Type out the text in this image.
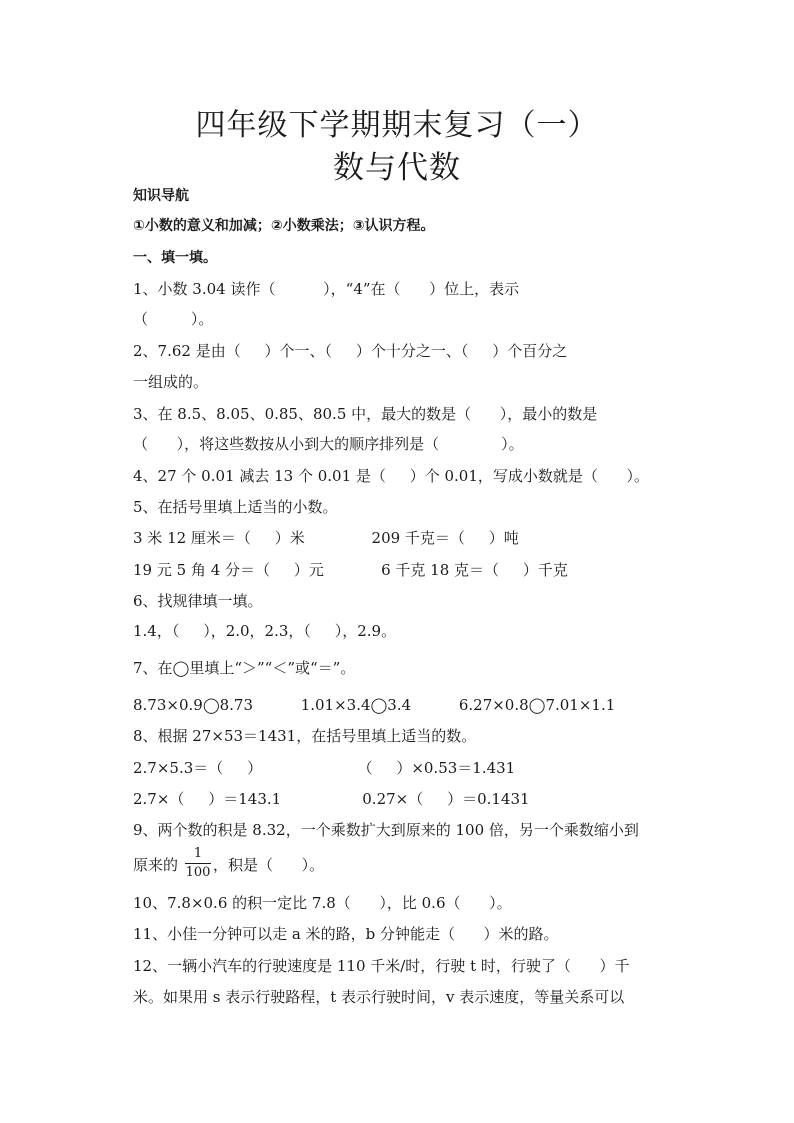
四年级下学期期末复习（一）
数与代数
知识导航
①小数的意义和加减；②小数乘法；③认识方程。
一、填一填。
1、小数 3.04 读作（          ），“4”在（      ）位上，表示
（         ）。
2、7.62 是由（     ）个一、（     ）个十分之一、（     ）个百分之
一组成的。
3、在 8.5、8.05、0.85、80.5 中，最大的数是（      ），最小的数是
（      ），将这些数按从小到大的顺序排列是（             ）。
4、27 个 0.01 减去 13 个 0.01 是（     ）个 0.01，写成小数就是（      ）。
5、在括号里填上适当的小数。
3 米 12 厘米＝（     ）米              209 千克＝（     ）吨
19 元 5 角 4 分＝（     ）元            6 千克 18 克＝（     ）千克
6、找规律填一填。
1.4，（     ），2.0，2.3，（     ），2.9。
7、在◯里填上“＞”“＜”或“＝”。
8.73×0.9◯8.73          1.01×3.4◯3.4          6.27×0.8◯7.01×1.1
8、根据 27×53＝1431，在括号里填上适当的数。
2.7×5.3＝（     ）                    （     ）×0.53＝1.431
2.7×（     ）＝143.1                 0.27×（     ）＝0.1431
9、两个数的积是 8.32，一个乘数扩大到原来的 100 倍，另一个乘数缩小到
原来的
1
100 ，积是（      ）。
10、7.8×0.6 的积一定比 7.8（      ），比 0.6（      ）。
11、小佳一分钟可以走 a 米的路，b 分钟能走（      ）米的路。
12、一辆小汽车的行驶速度是 110 千米/时，行驶 t 时，行驶了（      ）千
米。如果用 s 表示行驶路程，t 表示行驶时间，v 表示速度，等量关系可以
